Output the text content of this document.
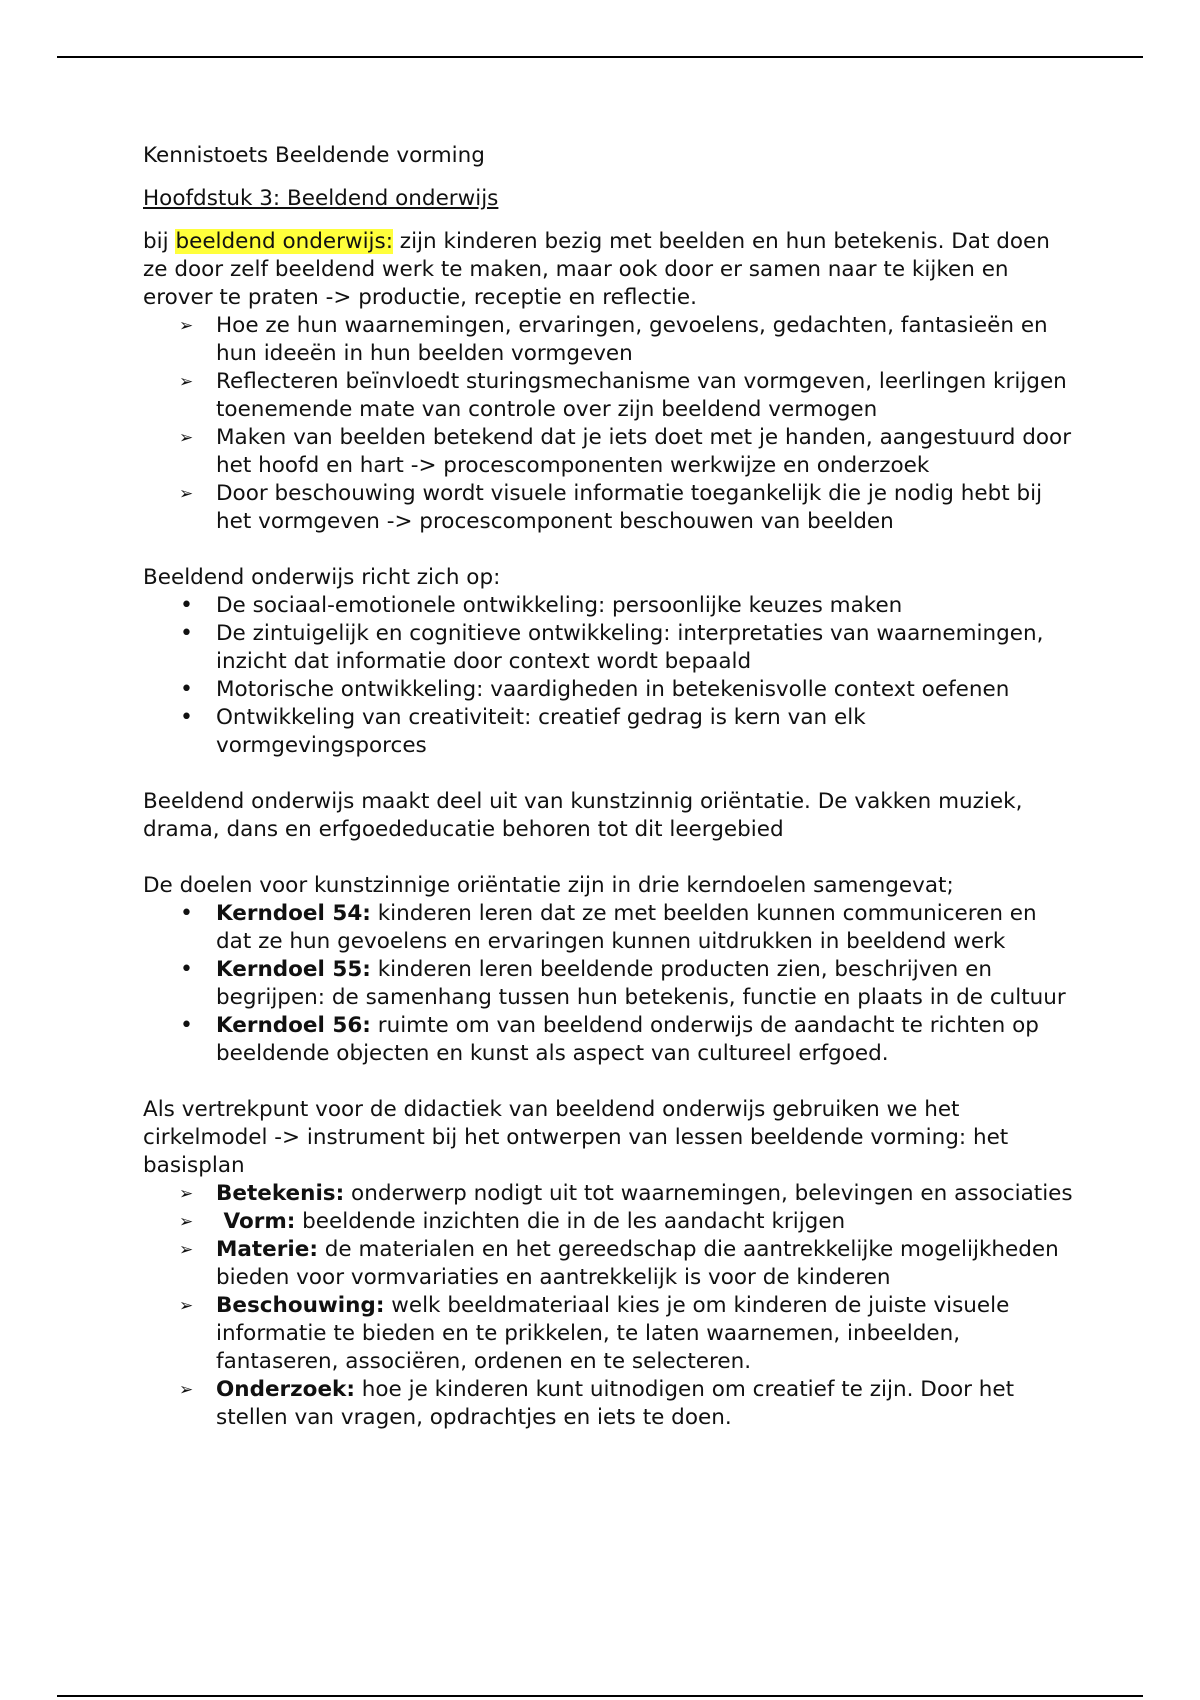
Kennistoets Beeldende vorming

Hoofdstuk 3: Beeldend onderwijs

bij beeldend onderwijs: zijn kinderen bezig met beelden en hun betekenis. Dat doen ze door zelf beeldend werk te maken, maar ook door er samen naar te kijken en erover te praten -> productie, receptie en reflectie.

➢	Hoe ze hun waarnemingen, ervaringen, gevoelens, gedachten, fantasieën en hun ideeën in hun beelden vormgeven
➢	Reflecteren beïnvloedt sturingsmechanisme van vormgeven, leerlingen krijgen toenemende mate van controle over zijn beeldend vermogen
➢	Maken van beelden betekend dat je iets doet met je handen, aangestuurd door het hoofd en hart -> procescomponenten werkwijze en onderzoek
➢	Door beschouwing wordt visuele informatie toegankelijk die je nodig hebt bij het vormgeven -> procescomponent beschouwen van beelden

Beeldend onderwijs richt zich op:

• De sociaal-emotionele ontwikkeling: persoonlijke keuzes maken
• De zintuigelijk en cognitieve ontwikkeling: interpretaties van waarnemingen, inzicht dat informatie door context wordt bepaald
• Motorische ontwikkeling: vaardigheden in betekenisvolle context oefenen
• Ontwikkeling van creativiteit: creatief gedrag is kern van elk vormgevingsporces

Beeldend onderwijs maakt deel uit van kunstzinnig oriëntatie. De vakken muziek, drama, dans en erfgoededucatie behoren tot dit leergebied

De doelen voor kunstzinnige oriëntatie zijn in drie kerndoelen samengevat;

• Kerndoel 54: kinderen leren dat ze met beelden kunnen communiceren en dat ze hun gevoelens en ervaringen kunnen uitdrukken in beeldend werk
• Kerndoel 55: kinderen leren beeldende producten zien, beschrijven en begrijpen: de samenhang tussen hun betekenis, functie en plaats in de cultuur
• Kerndoel 56: ruimte om van beeldend onderwijs de aandacht te richten op beeldende objecten en kunst als aspect van cultureel erfgoed.

Als vertrekpunt voor de didactiek van beeldend onderwijs gebruiken we het cirkelmodel -> instrument bij het ontwerpen van lessen beeldende vorming: het basisplan

➢	Betekenis: onderwerp nodigt uit tot waarnemingen, belevingen en associaties
➢	Vorm: beeldende inzichten die in de les aandacht krijgen
➢	Materie: de materialen en het gereedschap die aantrekkelijke mogelijkheden bieden voor vormvariaties en aantrekkelijk is voor de kinderen
➢	Beschouwing: welk beeldmateriaal kies je om kinderen de juiste visuele informatie te bieden en te prikkelen, te laten waarnemen, inbeelden, fantaseren, associëren, ordenen en te selecteren.
➢	Onderzoek: hoe je kinderen kunt uitnodigen om creatief te zijn. Door het stellen van vragen, opdrachtjes en iets te doen.
